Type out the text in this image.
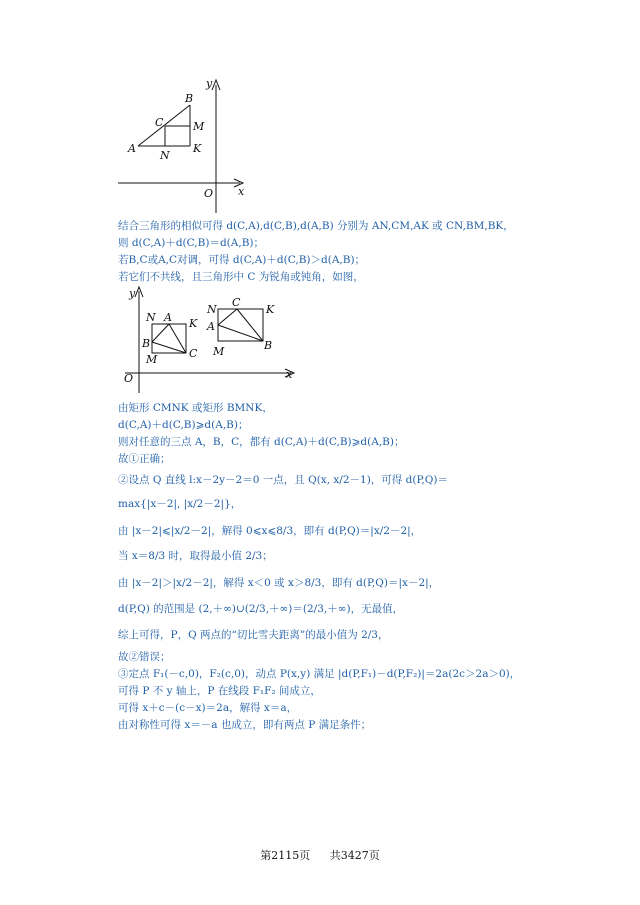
y
x
O
B
C	M
A
N
K
结合三角形的相似可得 d(C,A),d(C,B),d(A,B) 分别为 AN,CM,AK 或 CN,BM,BK，
则 d(C,A)＋d(C,B)＝d(A,B)；
若B,C或A,C对调，可得 d(C,A)＋d(C,B)＞d(A,B)；
若它们不共线，且三角形中 C 为锐角或钝角，如图，
y
x
O
N A K
B
M	C
N
C
K
A
M	B
由矩形 CMNK 或矩形 BMNK，
d(C,A)＋d(C,B)⩾d(A,B)；
则对任意的三点 A，B，C，都有 d(C,A)＋d(C,B)⩾d(A,B)；
故①正确；
②设点 Q 直线 l:x－2y－2＝0 一点，且 Q(x, x/2－1)，可得 d(P,Q)＝
max{|x－2|, |x/2－2|}，
由 |x－2|⩽|x/2－2|，解得 0⩽x⩽8/3，即有 d(P,Q)＝|x/2－2|，
当 x＝8/3 时，取得最小值 2/3；
由 |x－2|＞|x/2－2|，解得 x＜0 或 x＞8/3，即有 d(P,Q)＝|x－2|，
d(P,Q) 的范围是 (2,＋∞)∪(2/3,＋∞)＝(2/3,＋∞)，无最值，
综上可得，P，Q 两点的“切比雪夫距离”的最小值为 2/3，
故②错误；
③定点 F₁(－c,0)，F₂(c,0)，动点 P(x,y) 满足 |d(P,F₁)－d(P,F₂)|＝2a(2c＞2a＞0)，
可得 P 不 y 轴上，P 在线段 F₁F₂ 间成立，
可得 x＋c－(c－x)＝2a，解得 x＝a，
由对称性可得 x＝－a 也成立，即有两点 P 满足条件；
第2115页 共3427页
